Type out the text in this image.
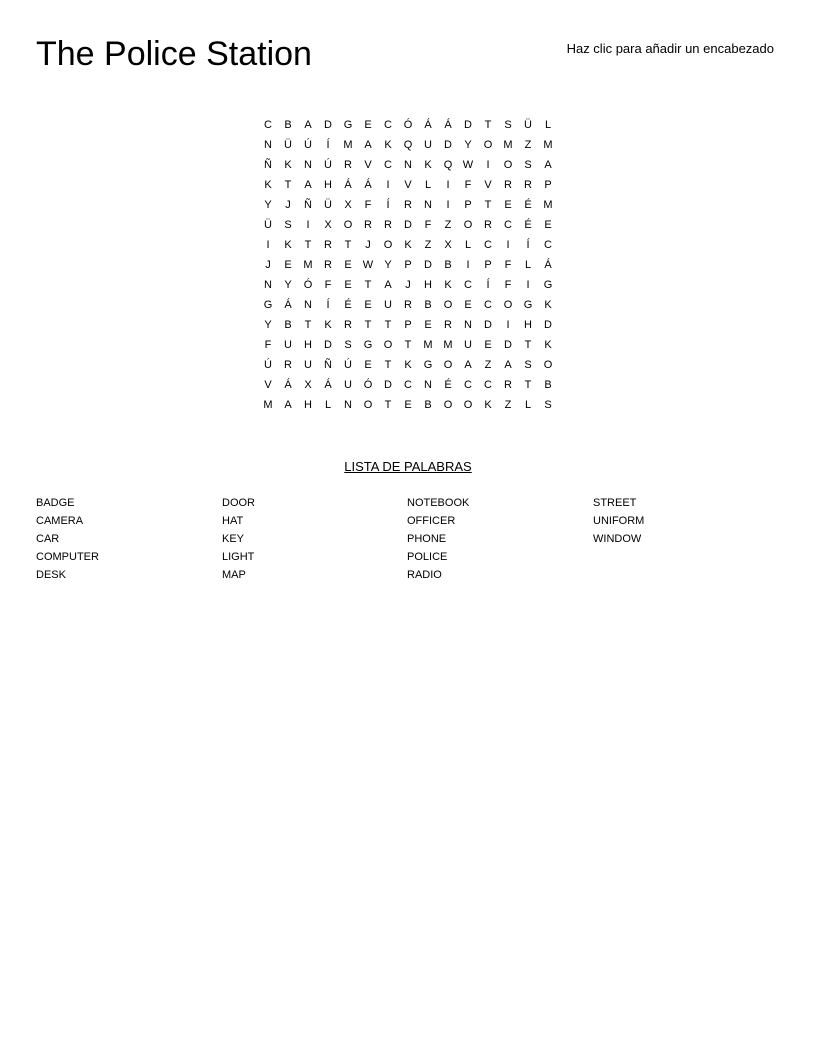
The Police Station	Haz clic para añadir un encabezado
C	B	A	D	G	E	C	Ó	Á	Á	D	T	S	Ü	L
N	Ü	Ú	Í	M	A	K	Q	U	D	Y	O	M	Z	M
Ñ	K	N	Ú	R	V	C	N	K	Q W	I	O	S	A
K	T	A	H	Á	Á	I	V	L	I	F	V	R	R	P
Y	J	Ñ	Ü	X	F	Í	R	N	I	P	T	E	É	M
Ü	S	I	X	O	R	R	D	F	Z	O	R	C	É	E
I	K	T	R	T	J	O	K	Z	X	L	C	I	Í	C
J	E	M	R	E	W	Y	P	D	B	I	P	F	L	Á
N	Y	Ó	F	E	T	A	J	H	K	C	Í	F	I	G
G	Á	N	Í	É	E	U	R	B	O	E	C	O	G	K
Y	B	T	K	R	T	T	P	E	R	N	D	I	H	D
F	U	H	D	S	G	O	T	M M	U	E	D	T	K
Ú	R	U	Ñ	Ú	E	T	K	G	O	A	Z	A	S	O
V	Á	X	Á	U	Ó	D	C	N	É	C	C	R	T	B
M	A	H	L	N	O	T	E	B	O	O	K	Z	L	S
LISTA DE PALABRAS
BADGE
CAMERA
CAR
COMPUTER
DESK
DOOR
HAT
KEY
LIGHT
MAP
NOTEBOOK
OFFICER
PHONE
POLICE
RADIO
STREET
UNIFORM
WINDOW
